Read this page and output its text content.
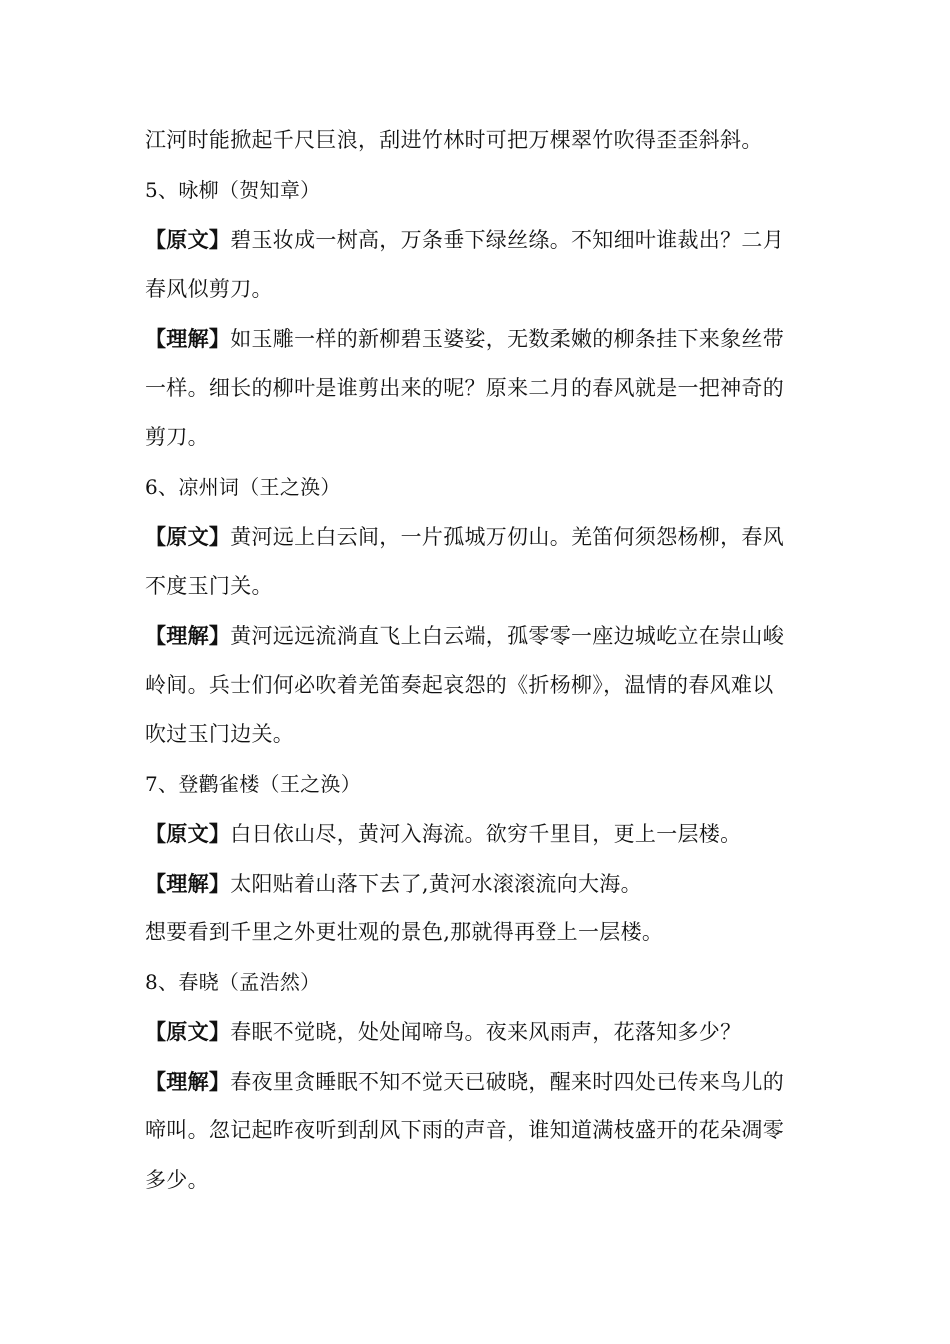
江河时能掀起千尺巨浪，刮进竹林时可把万棵翠竹吹得歪歪斜斜。
5、咏柳（贺知章）
【原文】碧玉妆成一树高，万条垂下绿丝绦。不知细叶谁裁出？二月
春风似剪刀。
【理解】如玉雕一样的新柳碧玉婆娑，无数柔嫩的柳条挂下来象丝带
一样。细长的柳叶是谁剪出来的呢？原来二月的春风就是一把神奇的
剪刀。
6、凉州词（王之涣）
【原文】黄河远上白云间，一片孤城万仞山。羌笛何须怨杨柳，春风
不度玉门关。
【理解】黄河远远流淌直飞上白云端，孤零零一座边城屹立在崇山峻
岭间。兵士们何必吹着羌笛奏起哀怨的《折杨柳》，温情的春风难以
吹过玉门边关。
7、登鹳雀楼（王之涣）
【原文】白日依山尽，黄河入海流。欲穷千里目，更上一层楼。
【理解】太阳贴着山落下去了,黄河水滚滚流向大海。
想要看到千里之外更壮观的景色,那就得再登上一层楼。
8、春晓（孟浩然）
【原文】春眠不觉晓，处处闻啼鸟。夜来风雨声，花落知多少？
【理解】春夜里贪睡眠不知不觉天已破晓，醒来时四处已传来鸟儿的
啼叫。忽记起昨夜听到刮风下雨的声音，谁知道满枝盛开的花朵凋零
多少。
